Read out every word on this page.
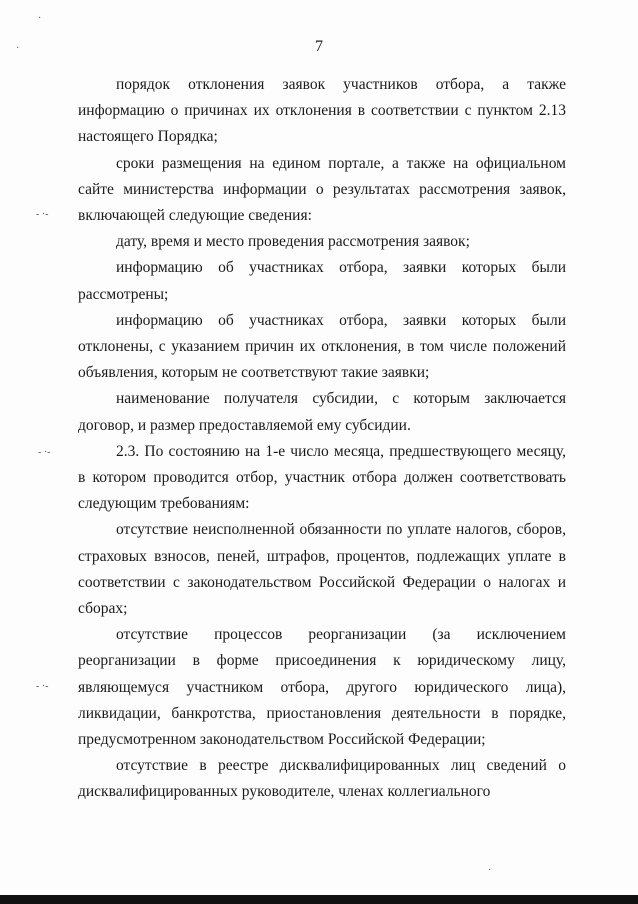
7

порядок отклонения заявок участников отбора, а также информацию о причинах их отклонения в соответствии с пунктом 2.13 настоящего Порядка;

сроки размещения на едином портале, а также на официальном сайте министерства информации о результатах рассмотрения заявок, включающей следующие сведения:

дату, время и место проведения рассмотрения заявок;

информацию об участниках отбора, заявки которых были рассмотрены;

информацию об участниках отбора, заявки которых были отклонены, с указанием причин их отклонения, в том числе положений объявления, которым не соответствуют такие заявки;

наименование получателя субсидии, с которым заключается договор, и размер предоставляемой ему субсидии.

2.3. По состоянию на 1-е число месяца, предшествующего месяцу, в котором проводится отбор, участник отбора должен соответствовать следующим требованиям:

отсутствие неисполненной обязанности по уплате налогов, сборов, страховых взносов, пеней, штрафов, процентов, подлежащих уплате в соответствии с законодательством Российской Федерации о налогах и сборах;

отсутствие процессов реорганизации (за исключением реорганизации в форме присоединения к юридическому лицу, являющемуся участником отбора, другого юридического лица), ликвидации, банкротства, приостановления деятельности в порядке, предусмотренном законодательством Российской Федерации;

отсутствие в реестре дисквалифицированных лиц сведений о дисквалифицированных руководителе, членах коллегиального

·
·
- ·-
- ·-
- ·-
·
